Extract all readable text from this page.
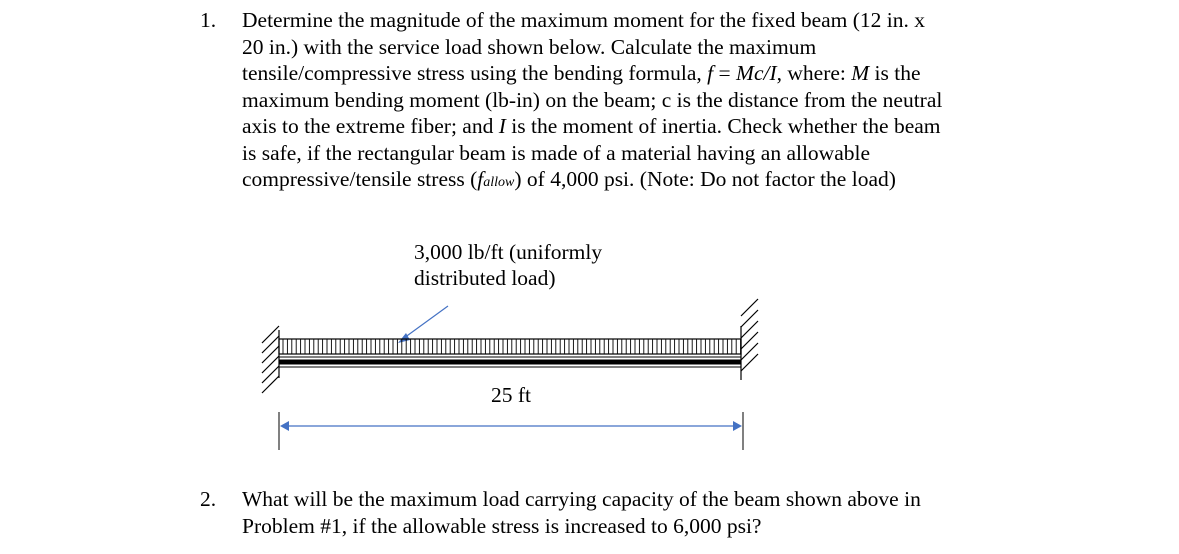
1. Determine the magnitude of the maximum moment for the fixed beam (12 in. x
20 in.) with the service load shown below. Calculate the maximum
tensile/compressive stress using the bending formula, f = Mc/I, where: M is the
maximum bending moment (lb-in) on the beam; c is the distance from the neutral
axis to the extreme fiber; and I is the moment of inertia. Check whether the beam
is safe, if the rectangular beam is made of a material having an allowable
compressive/tensile stress (fallow) of 4,000 psi. (Note: Do not factor the load)
3,000 lb/ft (uniformly
distributed load)
25 ft
2. What will be the maximum load carrying capacity of the beam shown above in
Problem #1, if the allowable stress is increased to 6,000 psi?
